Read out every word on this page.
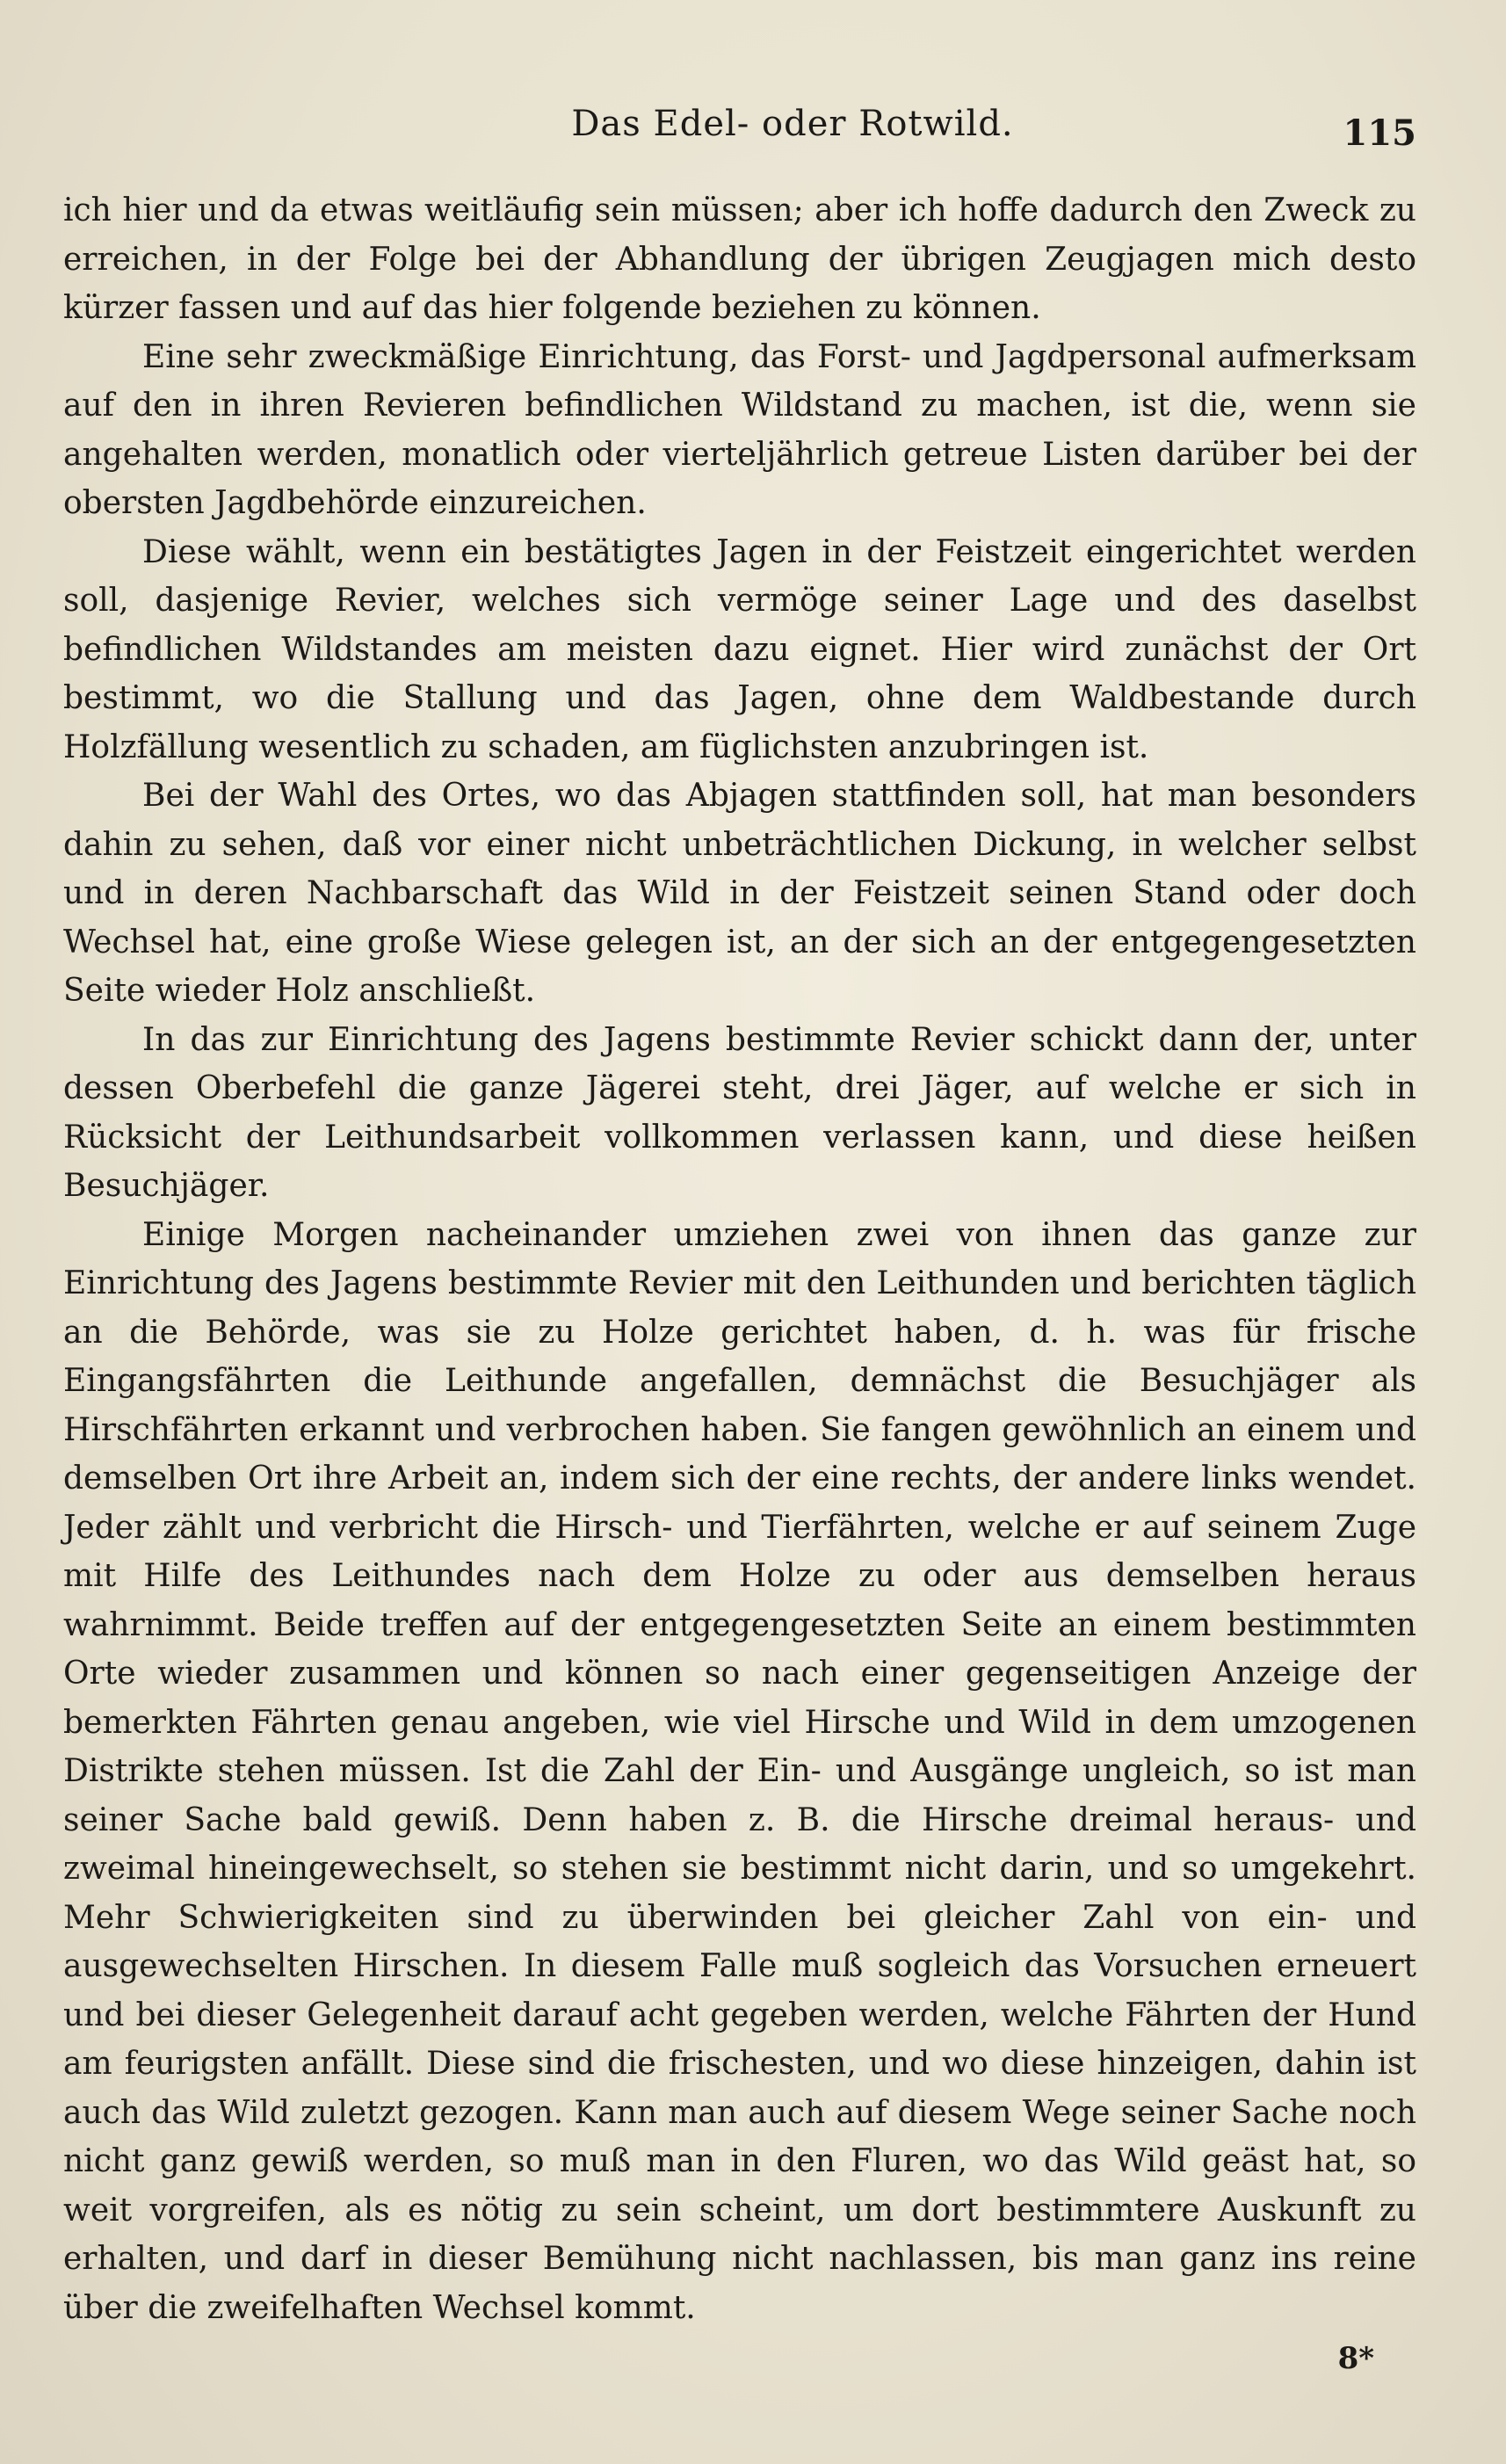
Das Edel- oder Rotwild.	115

ich hier und da etwas weitläufig sein müssen; aber ich hoffe dadurch den Zweck zu erreichen, in der Folge bei der Abhandlung der übrigen Zeugjagen mich desto kürzer fassen und auf das hier folgende beziehen zu können.

Eine sehr zweckmäßige Einrichtung, das Forst- und Jagdpersonal aufmerksam auf den in ihren Revieren befindlichen Wildstand zu machen, ist die, wenn sie angehalten werden, monatlich oder vierteljährlich getreue Listen darüber bei der obersten Jagdbehörde einzureichen.

Diese wählt, wenn ein bestätigtes Jagen in der Feistzeit eingerichtet werden soll, dasjenige Revier, welches sich vermöge seiner Lage und des daselbst befindlichen Wildstandes am meisten dazu eignet. Hier wird zunächst der Ort bestimmt, wo die Stallung und das Jagen, ohne dem Waldbestande durch Holzfällung wesentlich zu schaden, am füglichsten anzubringen ist.

Bei der Wahl des Ortes, wo das Abjagen stattfinden soll, hat man besonders dahin zu sehen, daß vor einer nicht unbeträchtlichen Dickung, in welcher selbst und in deren Nachbarschaft das Wild in der Feistzeit seinen Stand oder doch Wechsel hat, eine große Wiese gelegen ist, an der sich an der entgegengesetzten Seite wieder Holz anschließt.

In das zur Einrichtung des Jagens bestimmte Revier schickt dann der, unter dessen Oberbefehl die ganze Jägerei steht, drei Jäger, auf welche er sich in Rücksicht der Leithundsarbeit vollkommen verlassen kann, und diese heißen Besuchjäger.

Einige Morgen nacheinander umziehen zwei von ihnen das ganze zur Einrichtung des Jagens bestimmte Revier mit den Leithunden und berichten täglich an die Behörde, was sie zu Holze gerichtet haben, d. h. was für frische Eingangsfährten die Leithunde angefallen, demnächst die Besuchjäger als Hirschfährten erkannt und verbrochen haben. Sie fangen gewöhnlich an einem und demselben Ort ihre Arbeit an, indem sich der eine rechts, der andere links wendet. Jeder zählt und verbricht die Hirsch- und Tierfährten, welche er auf seinem Zuge mit Hilfe des Leithundes nach dem Holze zu oder aus demselben heraus wahrnimmt. Beide treffen auf der entgegengesetzten Seite an einem bestimmten Orte wieder zusammen und können so nach einer gegenseitigen Anzeige der bemerkten Fährten genau angeben, wie viel Hirsche und Wild in dem umzogenen Distrikte stehen müssen. Ist die Zahl der Ein- und Ausgänge ungleich, so ist man seiner Sache bald gewiß. Denn haben z. B. die Hirsche dreimal heraus- und zweimal hineingewechselt, so stehen sie bestimmt nicht darin, und so umgekehrt. Mehr Schwierigkeiten sind zu überwinden bei gleicher Zahl von ein- und ausgewechselten Hirschen. In diesem Falle muß sogleich das Vorsuchen erneuert und bei dieser Gelegenheit darauf acht gegeben werden, welche Fährten der Hund am feurigsten anfällt. Diese sind die frischesten, und wo diese hinzeigen, dahin ist auch das Wild zuletzt gezogen. Kann man auch auf diesem Wege seiner Sache noch nicht ganz gewiß werden, so muß man in den Fluren, wo das Wild geäst hat, so weit vorgreifen, als es nötig zu sein scheint, um dort bestimmtere Auskunft zu erhalten, und darf in dieser Bemühung nicht nachlassen, bis man ganz ins reine über die zweifelhaften Wechsel kommt.

8*
